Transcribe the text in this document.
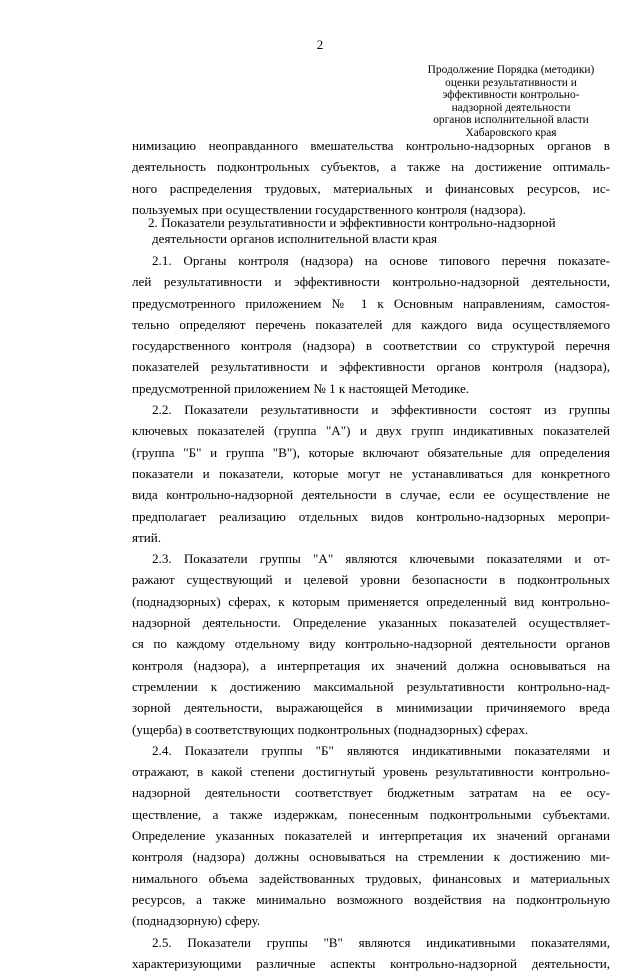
2
Продолжение Порядка (методики)
оценки результативности и
эффективности контрольно-
надзорной деятельности
органов исполнительной власти
Хабаровского края
нимизацию неоправданного вмешательства контрольно-надзорных органов в
деятельность подконтрольных субъектов, а также на достижение оптималь-
ного распределения трудовых, материальных и финансовых ресурсов, ис-
пользуемых при осуществлении государственного контроля (надзора).
2. Показатели результативности и эффективности контрольно-надзорной
деятельности органов исполнительной власти края
2.1. Органы контроля (надзора) на основе типового перечня показате-
лей результативности и эффективности контрольно-надзорной деятельности,
предусмотренного приложением № 1 к Основным направлениям, самостоя-
тельно определяют перечень показателей для каждого вида осуществляемого
государственного контроля (надзора) в соответствии со структурой перечня
показателей результативности и эффективности органов контроля (надзора),
предусмотренной приложением № 1 к настоящей Методике.
2.2. Показатели результативности и эффективности состоят из группы
ключевых показателей (группа "А") и двух групп индикативных показателей
(группа "Б" и группа "В"), которые включают обязательные для определения
показатели и показатели, которые могут не устанавливаться для конкретного
вида контрольно-надзорной деятельности в случае, если ее осуществление не
предполагает реализацию отдельных видов контрольно-надзорных меропри-
ятий.
2.3. Показатели группы "А" являются ключевыми показателями и от-
ражают существующий и целевой уровни безопасности в подконтрольных
(поднадзорных) сферах, к которым применяется определенный вид контрольно-
надзорной деятельности. Определение указанных показателей осуществляет-
ся по каждому отдельному виду контрольно-надзорной деятельности органов
контроля (надзора), а интерпретация их значений должна основываться на
стремлении к достижению максимальной результативности контрольно-над-
зорной деятельности, выражающейся в минимизации причиняемого вреда
(ущерба) в соответствующих подконтрольных (поднадзорных) сферах.
2.4. Показатели группы "Б" являются индикативными показателями и
отражают, в какой степени достигнутый уровень результативности контрольно-
надзорной деятельности соответствует бюджетным затратам на ее осу-
ществление, а также издержкам, понесенным подконтрольными субъектами.
Определение указанных показателей и интерпретация их значений органами
контроля (надзора) должны основываться на стремлении к достижению ми-
нимального объема задействованных трудовых, финансовых и материальных
ресурсов, а также минимально возможного воздействия на подконтрольную
(поднадзорную) сферу.
2.5. Показатели группы "В" являются индикативными показателями,
характеризующими различные аспекты контрольно-надзорной деятельности,
